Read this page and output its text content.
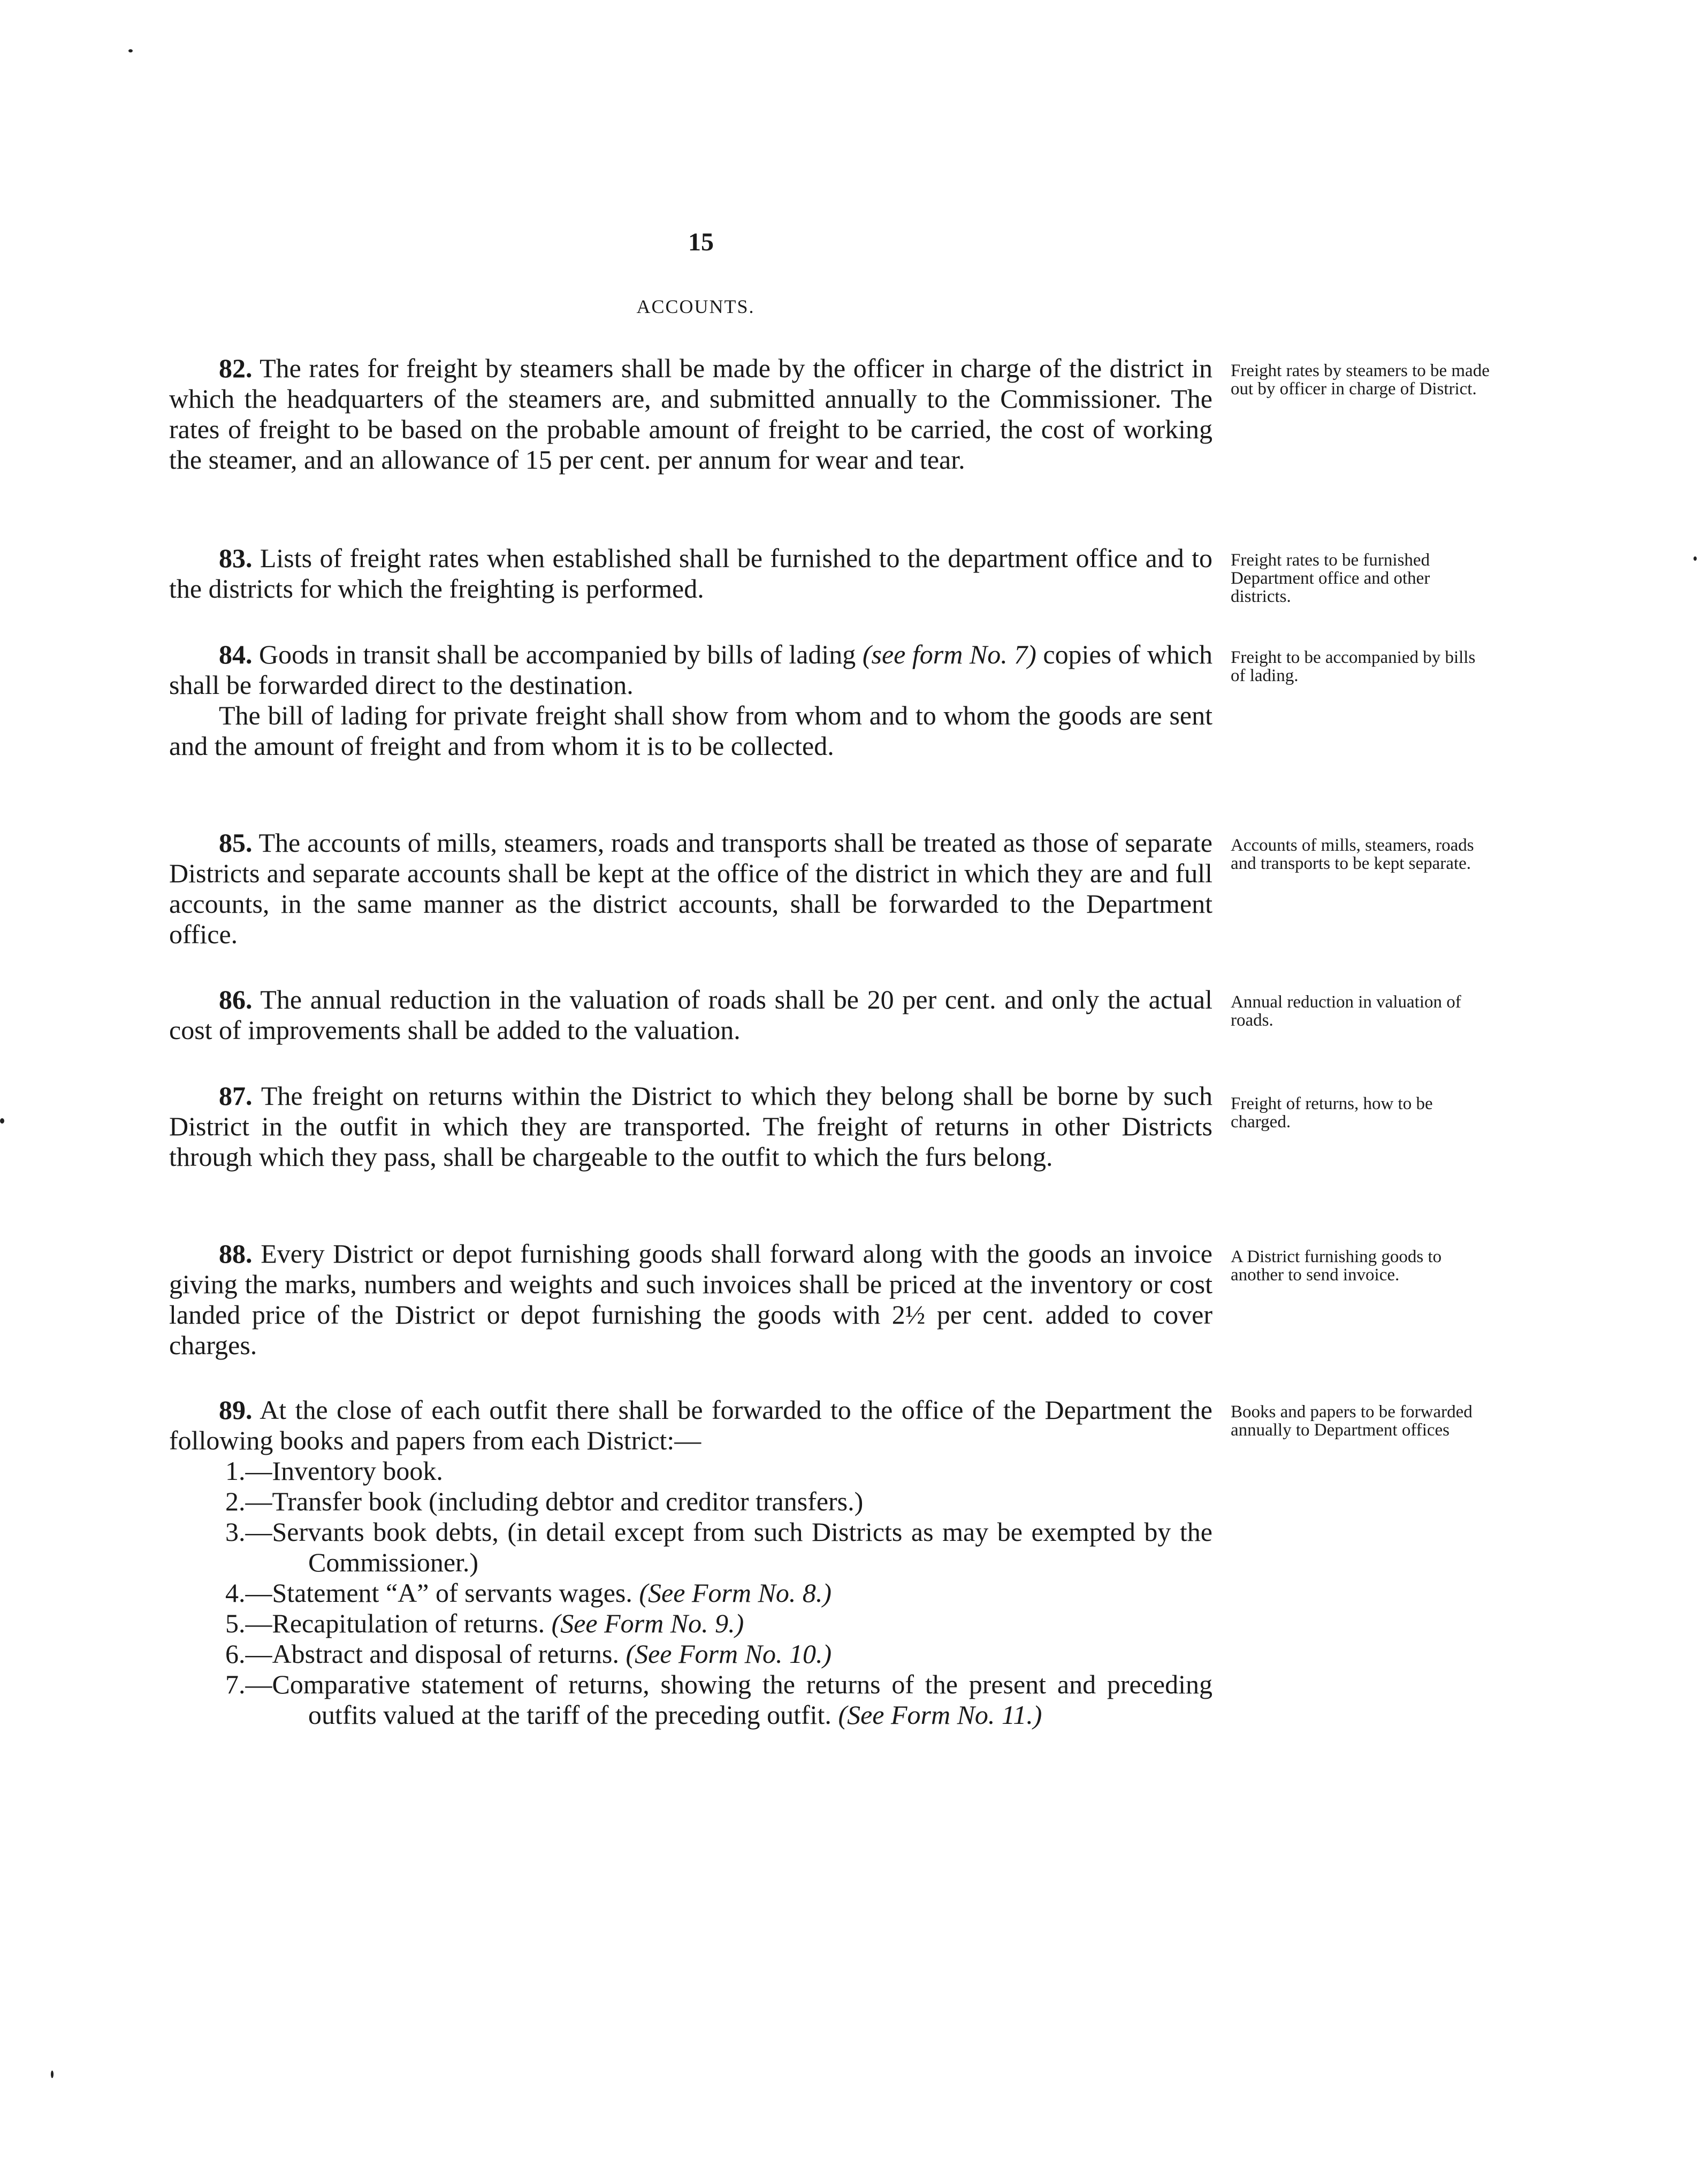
15
ACCOUNTS.

82. The rates for freight by steamers shall be made by the officer in charge of the district in which the headquarters of the steamers are, and submitted annually to the Commissioner. The rates of freight to be based on the probable amount of freight to be carried, the cost of working the steamer, and an allowance of 15 per cent. per annum for wear and tear.

Freight rates by steamers to be made out by officer in charge of District.

83. Lists of freight rates when established shall be furnished to the department office and to the districts for which the freighting is performed.

Freight rates to be furnished Department office and other districts.

84. Goods in transit shall be accompanied by bills of lading (see form No. 7) copies of which shall be forwarded direct to the destination.

The bill of lading for private freight shall show from whom and to whom the goods are sent and the amount of freight and from whom it is to be collected.

Freight to be accompanied by bills of lading.

85. The accounts of mills, steamers, roads and transports shall be treated as those of separate Districts and separate accounts shall be kept at the office of the district in which they are and full accounts, in the same manner as the district accounts, shall be forwarded to the Department office.

Accounts of mills, steamers, roads and transports to be kept separate.

86. The annual reduction in the valuation of roads shall be 20 per cent. and only the actual cost of improvements shall be added to the valuation.

Annual reduction in valuation of roads.

87. The freight on returns within the District to which they belong shall be borne by such District in the outfit in which they are transported. The freight of returns in other Districts through which they pass, shall be chargeable to the outfit to which the furs belong.

Freight of returns, how to be charged.

88. Every District or depot furnishing goods shall forward along with the goods an invoice giving the marks, numbers and weights and such invoices shall be priced at the inventory or cost landed price of the District or depot furnishing the goods with 2½ per cent. added to cover charges.

A District furnishing goods to another to send invoice.

89. At the close of each outfit there shall be forwarded to the office of the Department the following books and papers from each District:—

1.—Inventory book.
2.—Transfer book (including debtor and creditor transfers.)
3.—Servants book debts, (in detail except from such Districts as may be exempted by the Commissioner.)
4.—Statement “A” of servants wages. (See Form No. 8.)
5.—Recapitulation of returns. (See Form No. 9.)
6.—Abstract and disposal of returns. (See Form No. 10.)
7.—Comparative statement of returns, showing the returns of the present and preceding outfits valued at the tariff of the preceding outfit. (See Form No. 11.)
Books and papers to be forwarded annually to Department offices
